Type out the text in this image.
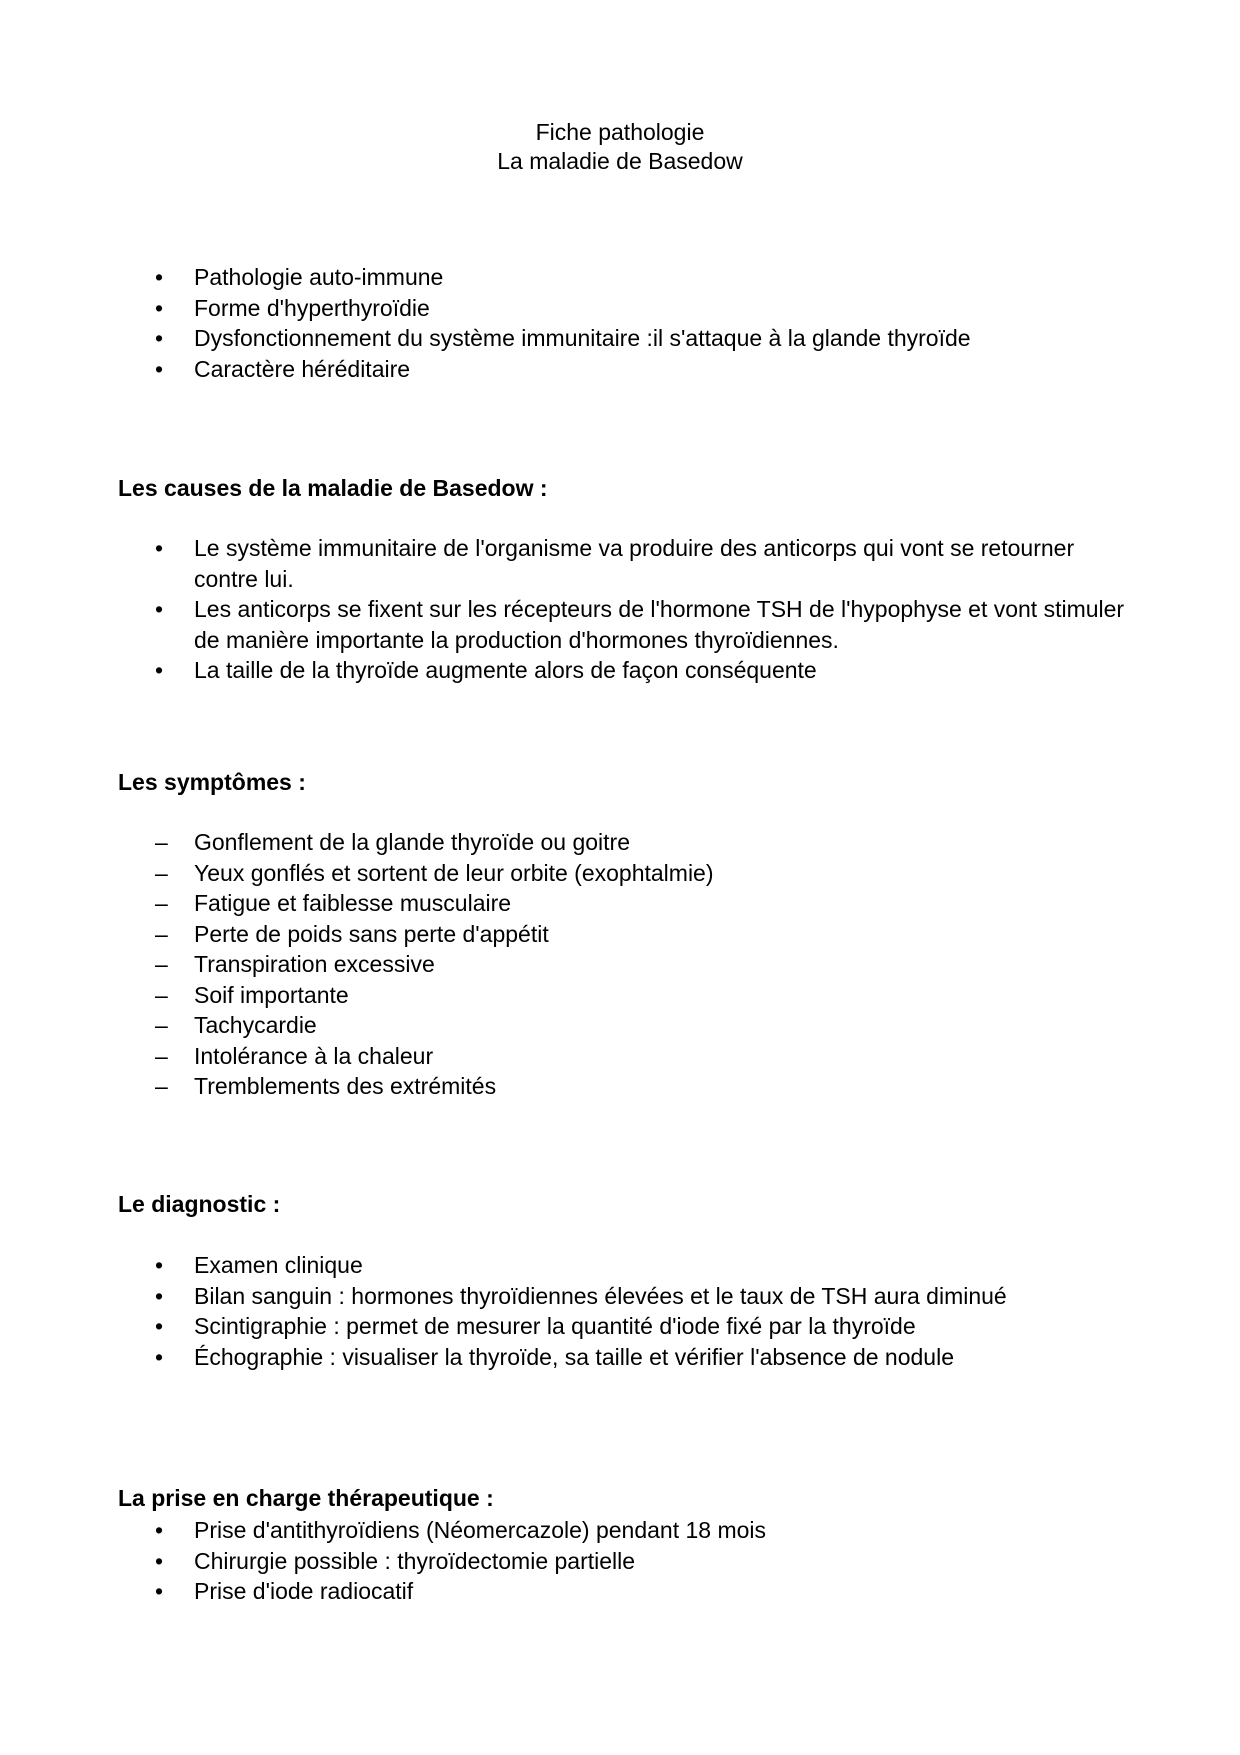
Fiche pathologie
La maladie de Basedow
•	Pathologie auto-immune
•	Forme d'hyperthyroïdie
•	Dysfonctionnement du système immunitaire :il s'attaque à la glande thyroïde
•	Caractère héréditaire
Les causes de la maladie de Basedow :
•	Le système immunitaire de l'organisme va produire des anticorps qui vont se retourner contre lui.
•	Les anticorps se fixent sur les récepteurs de l'hormone TSH de l'hypophyse et vont stimuler de manière importante la production d'hormones thyroïdiennes.
•	La taille de la thyroïde augmente alors de façon conséquente
Les symptômes :
–	Gonflement de la glande thyroïde ou goitre
–	Yeux gonflés et sortent de leur orbite (exophtalmie)
–	Fatigue et faiblesse musculaire
–	Perte de poids sans perte d'appétit
–	Transpiration excessive
–	Soif importante
–	Tachycardie
–	Intolérance à la chaleur
–	Tremblements des extrémités
Le diagnostic :
•	Examen clinique
•	Bilan sanguin : hormones thyroïdiennes élevées et le taux de TSH aura diminué
•	Scintigraphie : permet de mesurer la quantité d'iode fixé par la thyroïde
•	Échographie : visualiser la thyroïde, sa taille et vérifier l'absence de nodule
La prise en charge thérapeutique :
•	Prise d'antithyroïdiens (Néomercazole) pendant 18 mois
•	Chirurgie possible : thyroïdectomie partielle
•	Prise d'iode radiocatif
